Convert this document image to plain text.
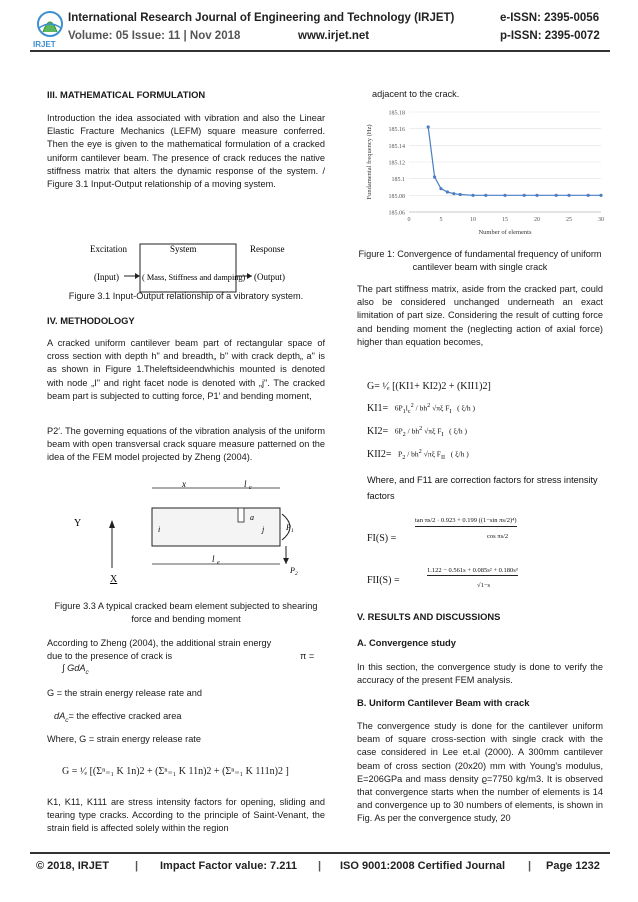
IRJET
International Research Journal of Engineering and Technology (IRJET)
Volume: 05 Issue: 11 | Nov 2018	www.irjet.net
e-ISSN: 2395-0056
p-ISSN: 2395-0072
III. MATHEMATICAL FORMULATION
Introduction the idea associated with vibration and also the Linear Elastic Fracture Mechanics (LEFM) square measure conferred. Then the eye is given to the mathematical formulation of a cracked uniform cantilever beam. The presence of crack reduces the native stiffness matrix that alters the dynamic response of the system. / Figure 3.1 Input-Output relationship of a moving system.
Excitation
(Input)
System
( Mass, Stiffness and damping)
Response
(Output)
Figure 3.1 Input-Output relationship of a vibratory system.
IV. METHODOLOGY
A cracked uniform cantilever beam part of rectangular space of cross section with depth h" and breadth„ b" with crack depth„ a" is as shown in Figure 1.Theleftsideendwhichis mounted is denoted with node „I" and right facet node is denoted with „j". The cracked beam part is subjected to cutting force, P1′ and bending moment,
P2′. The governing equations of the vibration analysis of the uniform beam with open transversal crack square measure patterned on the idea of the FEM model projected by Zheng (2004).
x	l c
a
i	j	P 1
P 2
l e
Y
X
Figure 3.3 A typical cracked beam element subjected to shearing force and bending moment
According to Zheng (2004), the additional strain energy due to the presence of crack is	π =
∫ GdA$_c$
G = the strain energy release rate and
$dA_c=$ the effective cracked area
Where, G = strain energy release rate
G = ¹⁄ₑ [(Σⁿ₌₁ K 1n)2 + (Σⁿ₌₁ K 11n)2 + (Σⁿ₌₁ K 111n)2 ]
K1, K11, K111 are stress intensity factors for opening, sliding and tearing type cracks. According to the principle of Saint-Venant, the strain field is affected solely within the region
adjacent to the crack.
185.06
185.08
185.1
185.12
185.14
185.16
185.18
0	5	10	15	20	25	30
Number of elements
Fundamental frequency (Hz)
Figure 1: Convergence of fundamental frequency of uniform cantilever beam with single crack
The part stiffness matrix, aside from the cracked part, could also be considered unchanged underneath an exact limitation of part size. Considering the result of cutting force and bending moment the (neglecting action of axial force) higher than equation becomes,
G= ¹⁄ₑ [(KI1+ KI2)2 + (KII1)2]
$KI1= 6P_1l_c^2 / bh^2$ √πξ $F_I$   ( ξ/h )
$KI2= 6P_2 / bh^2$ √πξ $F_I$   ( ξ/h )
$KII2= P_2 / bh^2$ √πξ $F_{II}$   ( ξ/h )
Where, and F11 are correction factors for stress intensity factors
FI(S) =
tan πs/2 · 0.923 + 0.199 ((1−sin πs/2)⁴)
cos πs/2
FII(S) =
1.122 − 0.561s + 0.085s² + 0.180s³
√1−s
V. RESULTS AND DISCUSSIONS
A. Convergence study
In this section, the convergence study is done to verify the accuracy of the present FEM analysis.
B. Uniform Cantilever Beam with crack
The convergence study is done for the cantilever uniform beam of square cross-section with single crack with the case considered in Lee et.al (2000). A 300mm cantilever beam of cross section (20x20) mm with Young's modulus, E=206GPa and mass density ϱ=7750 kg/m3. It is observed that convergence starts when the number of elements is 14 and convergence up to 30 numbers of elements, is shown in Fig. As per the convergence study, 20
© 2018, IRJET | Impact Factor value: 7.211 | ISO 9001:2008 Certified Journal | Page 1232
